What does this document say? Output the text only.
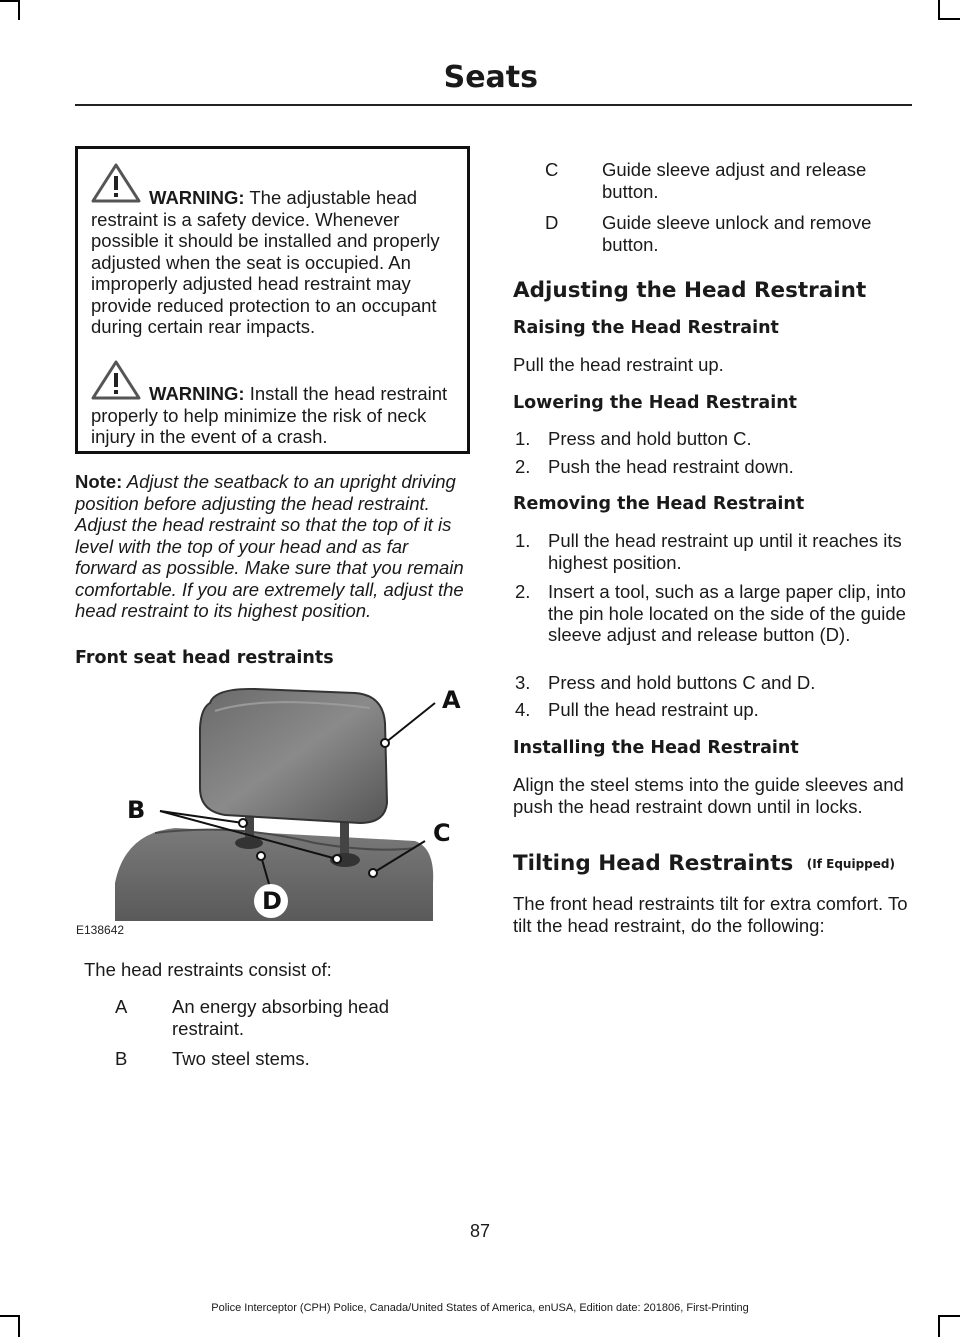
Seats
WARNING: The adjustable head restraint is a safety device. Whenever possible it should be installed and properly adjusted when the seat is occupied. An improperly adjusted head restraint may provide reduced protection to an occupant during certain rear impacts.
WARNING: Install the head restraint properly to help minimize the risk of neck injury in the event of a crash.
Note: Adjust the seatback to an upright driving position before adjusting the head restraint. Adjust the head restraint so that the top of it is level with the top of your head and as far forward as possible. Make sure that you remain comfortable. If you are extremely tall, adjust the head restraint to its highest position.
Front seat head restraints
A
B
C
D
E138642
The head restraints consist of:
A An energy absorbing head restraint.
B Two steel stems.
C Guide sleeve adjust and release button.
D Guide sleeve unlock and remove button.
Adjusting the Head Restraint
Raising the Head Restraint
Pull the head restraint up.
Lowering the Head Restraint
1. Press and hold button C.
2. Push the head restraint down.
Removing the Head Restraint
1. Pull the head restraint up until it reaches its highest position.
2. Insert a tool, such as a large paper clip, into the pin hole located on the side of the guide sleeve adjust and release button (D).
3. Press and hold buttons C and D.
4. Pull the head restraint up.
Installing the Head Restraint
Align the steel stems into the guide sleeves and push the head restraint down until in locks.
Tilting Head Restraints (If Equipped)
The front head restraints tilt for extra comfort. To tilt the head restraint, do the following:
87
Police Interceptor (CPH) Police, Canada/United States of America, enUSA, Edition date: 201806, First-Printing
